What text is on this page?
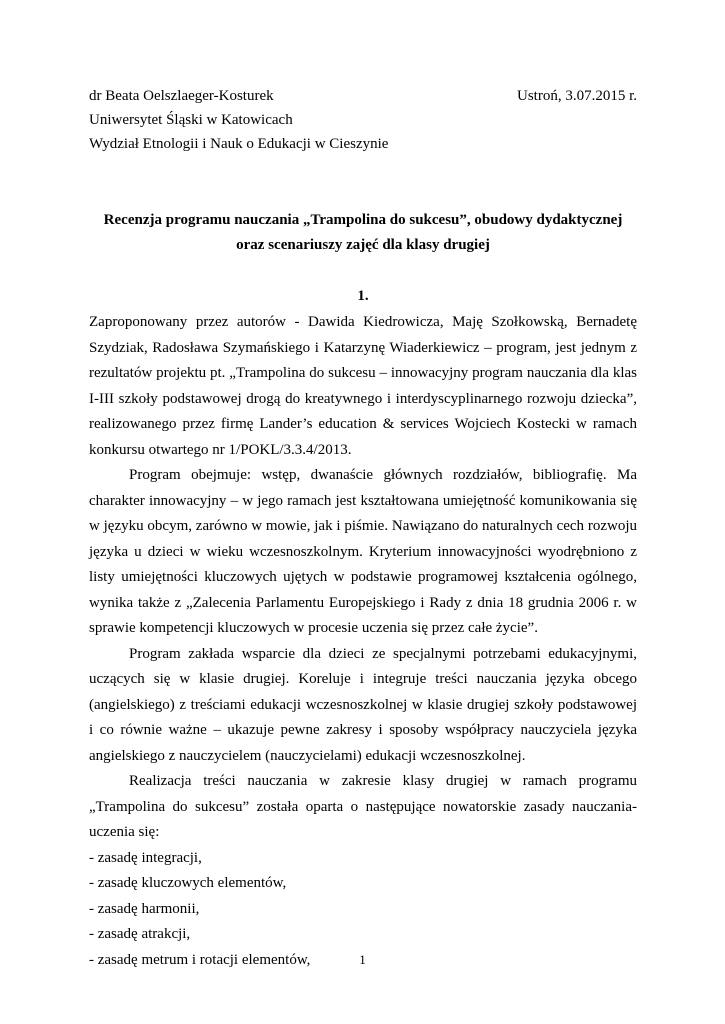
dr Beata Oelszlaeger-Kosturek	Ustroń, 3.07.2015 r.
Uniwersytet Śląski w Katowicach
Wydział Etnologii i Nauk o Edukacji w Cieszynie
Recenzja programu nauczania „Trampolina do sukcesu”, obudowy dydaktycznej oraz scenariuszy zajęć dla klasy drugiej
1.

Zaproponowany przez autorów - Dawida Kiedrowicza, Maję Szołkowską, Bernadetę Szydziak, Radosława Szymańskiego i Katarzynę Wiaderkiewicz – program, jest jednym z rezultatów projektu pt. „Trampolina do sukcesu – innowacyjny program nauczania dla klas I-III szkoły podstawowej drogą do kreatywnego i interdyscyplinarnego rozwoju dziecka”, realizowanego przez firmę Lander’s education & services Wojciech Kostecki w ramach konkursu otwartego nr 1/POKL/3.3.4/2013.

Program obejmuje: wstęp, dwanaście głównych rozdziałów, bibliografię. Ma charakter innowacyjny – w jego ramach jest kształtowana umiejętność komunikowania się w języku obcym, zarówno w mowie, jak i piśmie. Nawiązano do naturalnych cech rozwoju języka u dzieci w wieku wczesnoszkolnym. Kryterium innowacyjności wyodrębniono z listy umiejętności kluczowych ujętych w podstawie programowej kształcenia ogólnego, wynika także z „Zalecenia Parlamentu Europejskiego i Rady z dnia 18 grudnia 2006 r. w sprawie kompetencji kluczowych w procesie uczenia się przez całe życie”.

Program zakłada wsparcie dla dzieci ze specjalnymi potrzebami edukacyjnymi, uczących się w klasie drugiej. Koreluje i integruje treści nauczania języka obcego (angielskiego) z treściami edukacji wczesnoszkolnej w klasie drugiej szkoły podstawowej i co równie ważne – ukazuje pewne zakresy i sposoby współpracy nauczyciela języka angielskiego z nauczycielem (nauczycielami) edukacji wczesnoszkolnej.

Realizacja treści nauczania w zakresie klasy drugiej w ramach programu „Trampolina do sukcesu” została oparta o następujące nowatorskie zasady nauczania-uczenia się:

- zasadę integracji,

- zasadę kluczowych elementów,

- zasadę harmonii,

- zasadę atrakcji,

- zasadę metrum i rotacji elementów,	1
